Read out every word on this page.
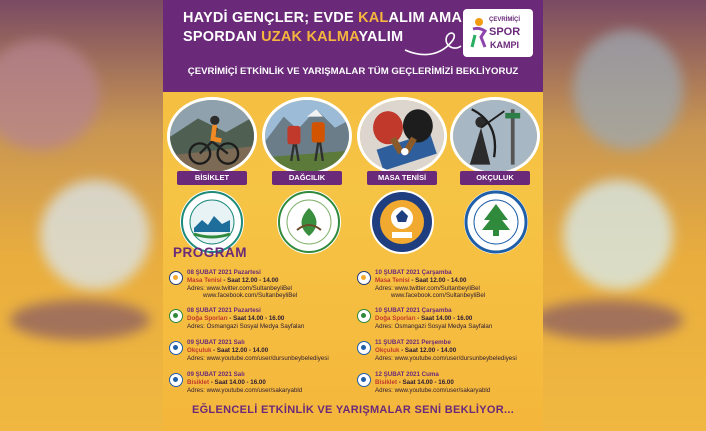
HAYDİ GENÇLER; EVDE KALALIM AMA
SPORDAN UZAK KALMAYALIM
ÇEVRİMİÇİ
SPOR
KAMPI
ÇEVRİMİÇİ ETKİNLİK VE YARIŞMALAR TÜM GEÇLERİMİZİ BEKLİYORUZ
BİSİKLET	DAĞCILIK	MASA TENİSİ	OKÇULUK
PROGRAM
08 ŞUBAT 2021 Pazartesi
Masa Tenisi - Saat 12.00 - 14.00
Adres: www.twitter.com/SultanbeyliBel
www.facebook.com/SultanbeyliBel
08 ŞUBAT 2021 Pazartesi
Doğa Sporları - Saat 14.00 - 16.00
Adres: Osmangazi Sosyal Medya Sayfaları
09 ŞUBAT 2021 Salı
Okçuluk - Saat 12.00 - 14.00
Adres: www.youtube.com/user/dursunbeybelediyesi
09 ŞUBAT 2021 Salı
Bisiklet - Saat 14.00 - 16.00
Adres: www.youtube.com/user/sakaryabld
10 ŞUBAT 2021 Çarşamba
Masa Tenisi - Saat 12.00 - 14.00
Adres: www.twitter.com/SultanbeyliBel
www.facebook.com/SultanbeyliBel
10 ŞUBAT 2021 Çarşamba
Doğa Sporları - Saat 14.00 - 16.00
Adres: Osmangazi Sosyal Medya Sayfaları
11 ŞUBAT 2021 Perşembe
Okçuluk - Saat 12.00 - 14.00
Adres: www.youtube.com/user/dursunbeybelediyesi
12 ŞUBAT 2021 Cuma
Bisiklet - Saat 14.00 - 16.00
Adres: www.youtube.com/user/sakaryabld
EĞLENCELİ ETKİNLİK VE YARIŞMALAR SENİ BEKLİYOR...
